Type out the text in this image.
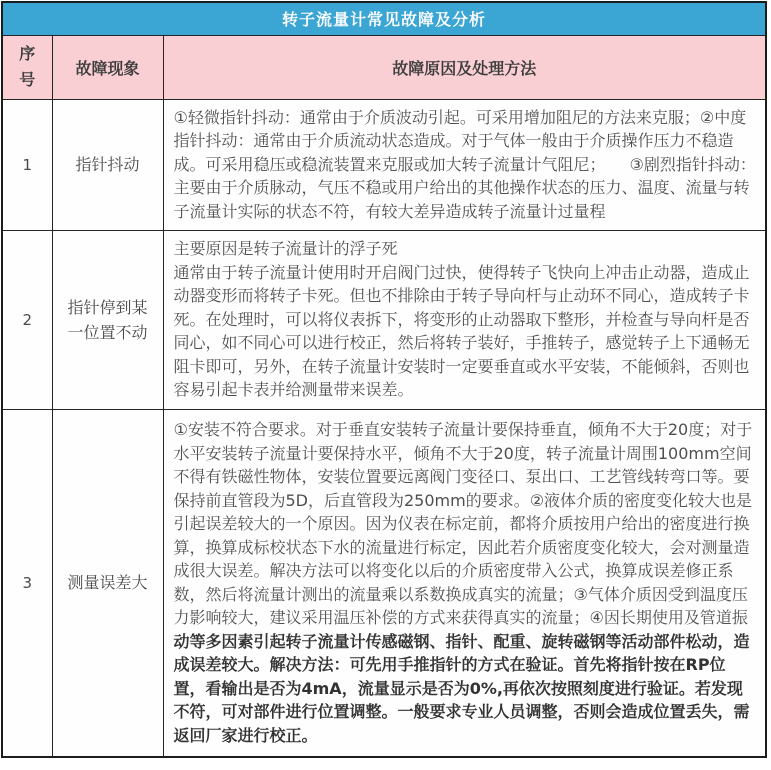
转子流量计常见故障及分析		
序号	故障现象	故障原因及处理方法
1	指针抖动	①轻微指针抖动：通常由于介质波动引起。可采用增加阻尼的方法来克服；②中度指针抖动：通常由于介质流动状态造成。对于气体一般由于介质操作压力不稳造成。可采用稳压或稳流装置来克服或加大转子流量计气阻尼；　　③剧烈指针抖动：主要由于介质脉动，气压不稳或用户给出的其他操作状态的压力、温度、流量与转子流量计实际的状态不符，有较大差异造成转子流量计过量程

2	指针停到某一位置不动	主要原因是转子流量计的浮子死

通常由于转子流量计使用时开启阀门过快，使得转子飞快向上冲击止动器，造成止动器变形而将转子卡死。但也不排除由于转子导向杆与止动环不同心，造成转子卡死。在处理时，可以将仪表拆下，将变形的止动器取下整形，并检查与导向杆是否同心，如不同心可以进行校正，然后将转子装好，手推转子，感觉转子上下通畅无阻卡即可，另外，在转子流量计安装时一定要垂直或水平安装，不能倾斜，否则也容易引起卡表并给测量带来误差。

3	测量误差大	①安装不符合要求。对于垂直安装转子流量计要保持垂直，倾角不大于20度；对于水平安装转子流量计要保持水平，倾角不大于20度，转子流量计周围100mm空间不得有铁磁性物体，安装位置要远离阀门变径口、泵出口、工艺管线转弯口等。要保持前直管段为5D，后直管段为250mm的要求。②液体介质的密度变化较大也是引起误差较大的一个原因。因为仪表在标定前，都将介质按用户给出的密度进行换算，换算成标校状态下水的流量进行标定，因此若介质密度变化较大，会对测量造成很大误差。解决方法可以将变化以后的介质密度带入公式，换算成误差修正系数，然后将流量计测出的流量乘以系数换成真实的流量；③气体介质因受到温度压力影响较大，建议采用温压补偿的方式来获得真实的流量；④因长期使用及管道振动等多因素引起转子流量计传感磁钢、指针、配重、旋转磁钢等活动部件松动，造成误差较大。解决方法：可先用手推指针的方式在验证。首先将指针按在RP位置，看输出是否为4mA，流量显示是否为0%,再依次按照刻度进行验证。若发现不符，可对部件进行位置调整。一般要求专业人员调整，否则会造成位置丢失，需返回厂家进行校正。
